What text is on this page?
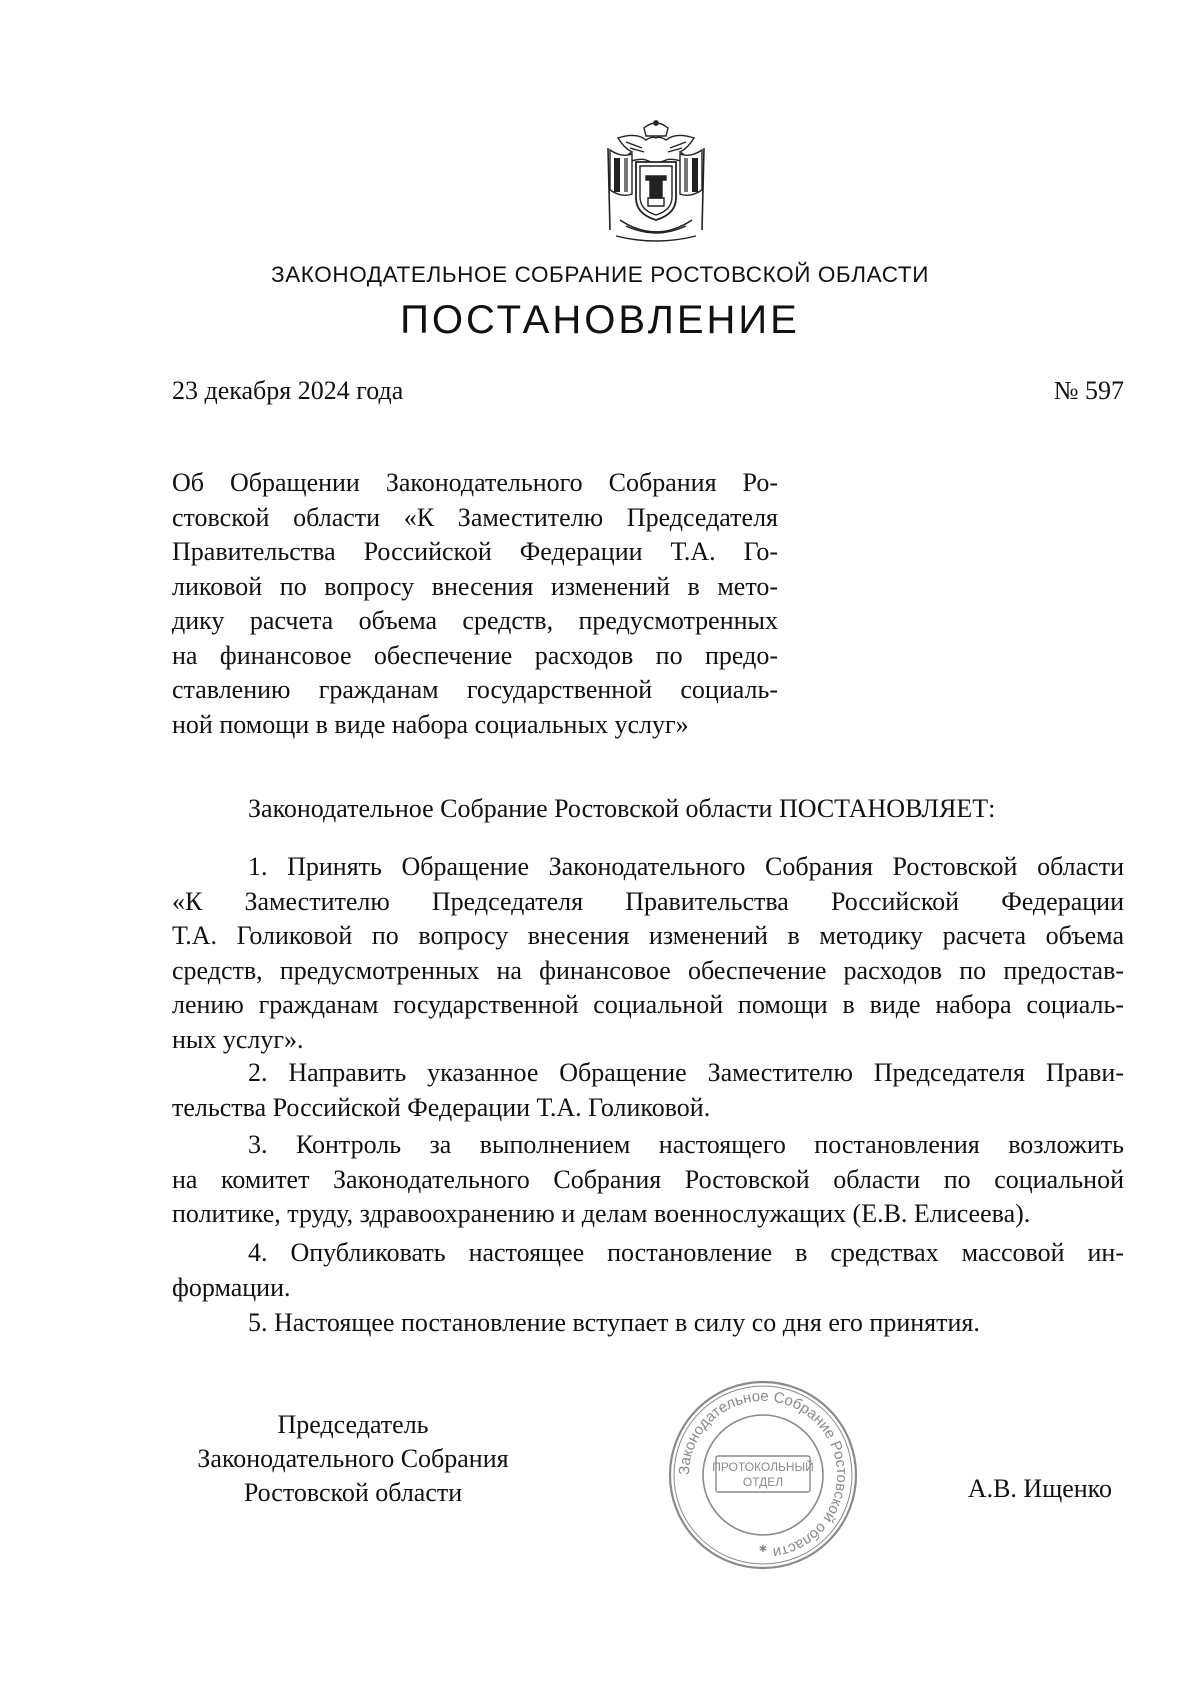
ЗАКОНОДАТЕЛЬНОЕ СОБРАНИЕ РОСТОВСКОЙ ОБЛАСТИ
ПОСТАНОВЛЕНИЕ
23 декабря 2024 года	№ 597
Об Обращении Законодательного Собрания Ро-
стовской области «К Заместителю Председателя
Правительства Российской Федерации Т.А. Го-
ликовой по вопросу внесения изменений в мето-
дику расчета объема средств, предусмотренных
на финансовое обеспечение расходов по предо-
ставлению гражданам государственной социаль-
ной помощи в виде набора социальных услуг»
Законодательное Собрание Ростовской области ПОСТАНОВЛЯЕТ:
1. Принять Обращение Законодательного Собрания Ростовской области
«К Заместителю Председателя Правительства Российской Федерации
Т.А. Голиковой по вопросу внесения изменений в методику расчета объема
средств, предусмотренных на финансовое обеспечение расходов по предостав-
лению гражданам государственной социальной помощи в виде набора социаль-
ных услуг».
2. Направить указанное Обращение Заместителю Председателя Прави-
тельства Российской Федерации Т.А. Голиковой.
3. Контроль за выполнением настоящего постановления возложить
на комитет Законодательного Собрания Ростовской области по социальной
политике, труду, здравоохранению и делам военнослужащих (Е.В. Елисеева).
4. Опубликовать настоящее постановление в средствах массовой ин-
формации.
5. Настоящее постановление вступает в силу со дня его принятия.
Председатель
Законодательного Собрания
Ростовской области
Законодательное Собрание Ростовской области
ПРОТОКОЛЬНЫЙ
ОТДЕЛ
✱
А.В. Ищенко
